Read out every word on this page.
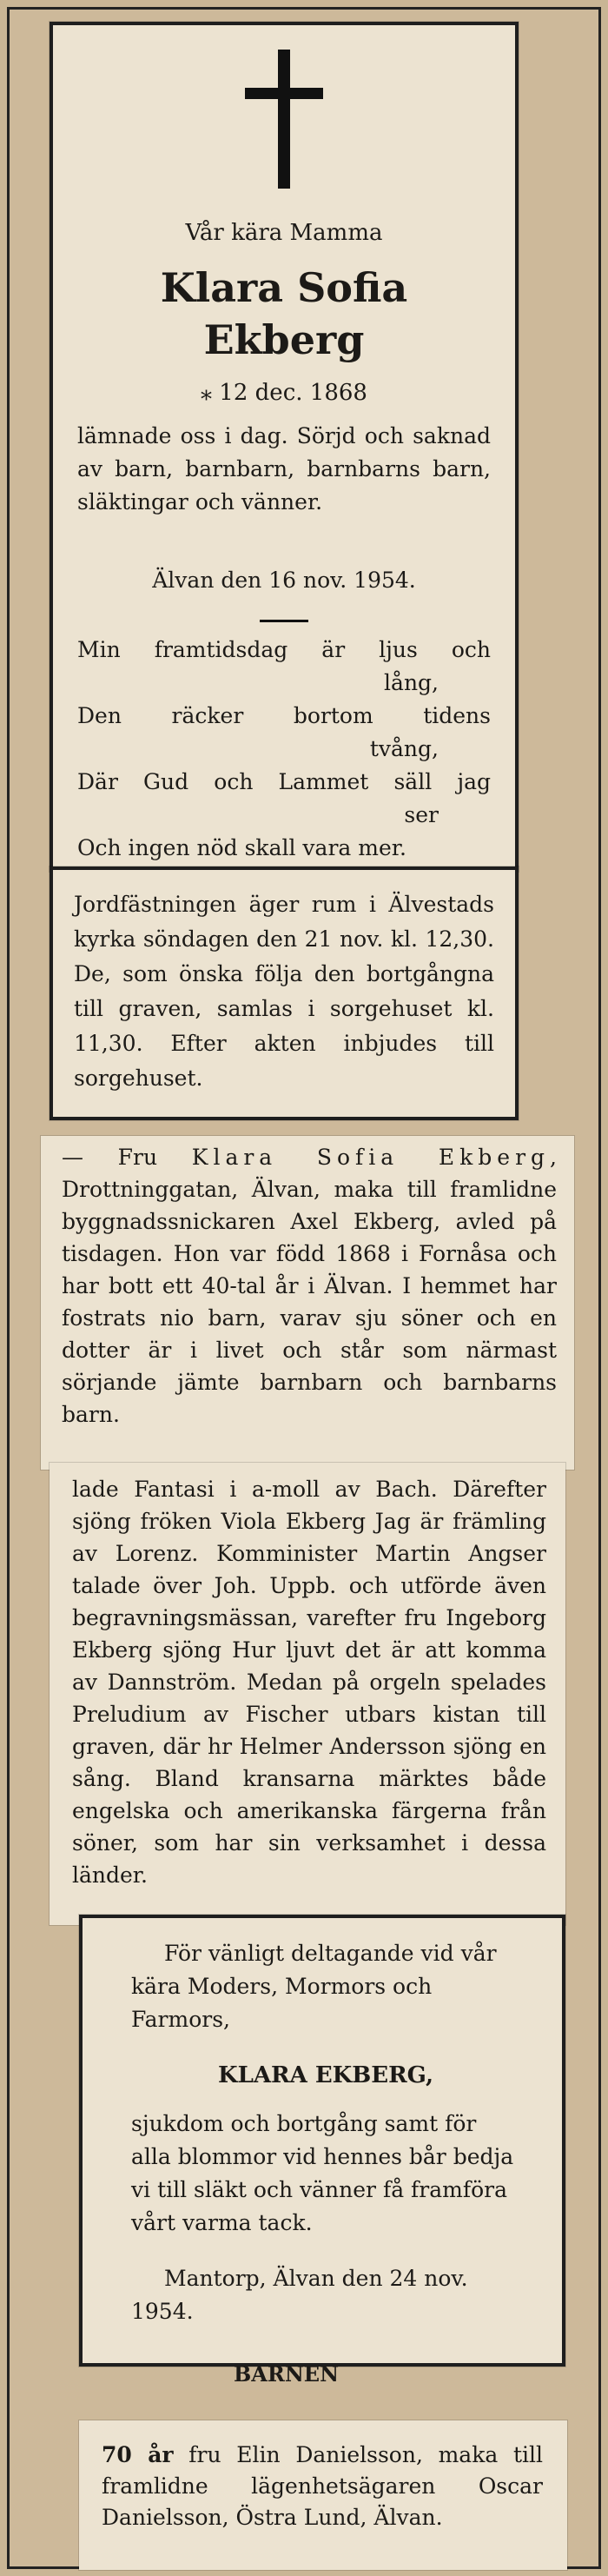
Vår kära Mamma

Klara Sofia
Ekberg

⁎ 12 dec. 1868

lämnade oss i dag. Sörjd och saknad av barn, barnbarn, barnbarns barn, släktingar och vänner.

Älvan den 16 nov. 1954.

Min framtidsdag är ljus och
lång,
Den räcker bortom tidens
tvång,
Där Gud och Lammet säll jag
ser
Och ingen nöd skall vara mer.

Jordfästningen äger rum i Älvestads kyrka söndagen den 21 nov. kl. 12,30. De, som önska följa den bortgångna till graven, samlas i sorgehuset kl. 11,30. Efter akten inbjudes till sorgehuset.

— Fru Klara Sofia Ekberg, Drottninggatan, Älvan, maka till framlidne byggnadssnickaren Axel Ekberg, avled på tisdagen. Hon var född 1868 i Fornåsa och har bott ett 40-tal år i Älvan. I hemmet har fostrats nio barn, varav sju söner och en dotter är i livet och står som närmast sörjande jämte barnbarn och barnbarns barn.

lade Fantasi i a-moll av Bach. Därefter sjöng fröken Viola Ekberg Jag är främling av Lorenz. Komminister Martin Angser talade över Joh. Uppb. och utförde även begravningsmässan, varefter fru Ingeborg Ekberg sjöng Hur ljuvt det är att komma av Dannström. Medan på orgeln spelades Preludium av Fischer utbars kistan till graven, där hr Helmer Andersson sjöng en sång. Bland kransarna märktes både engelska och amerikanska färgerna från söner, som har sin verksamhet i dessa länder.

För vänligt deltagande vid vår kära Moders, Mormors och Farmors,

KLARA EKBERG,

sjukdom och bortgång samt för alla blommor vid hennes bår bedja vi till släkt och vänner få framföra vårt varma tack.

Mantorp, Älvan den 24 nov. 1954.

BARNEN

70 år fru Elin Danielsson, maka till framlidne lägenhetsägaren Oscar Danielsson, Östra Lund, Älvan.
